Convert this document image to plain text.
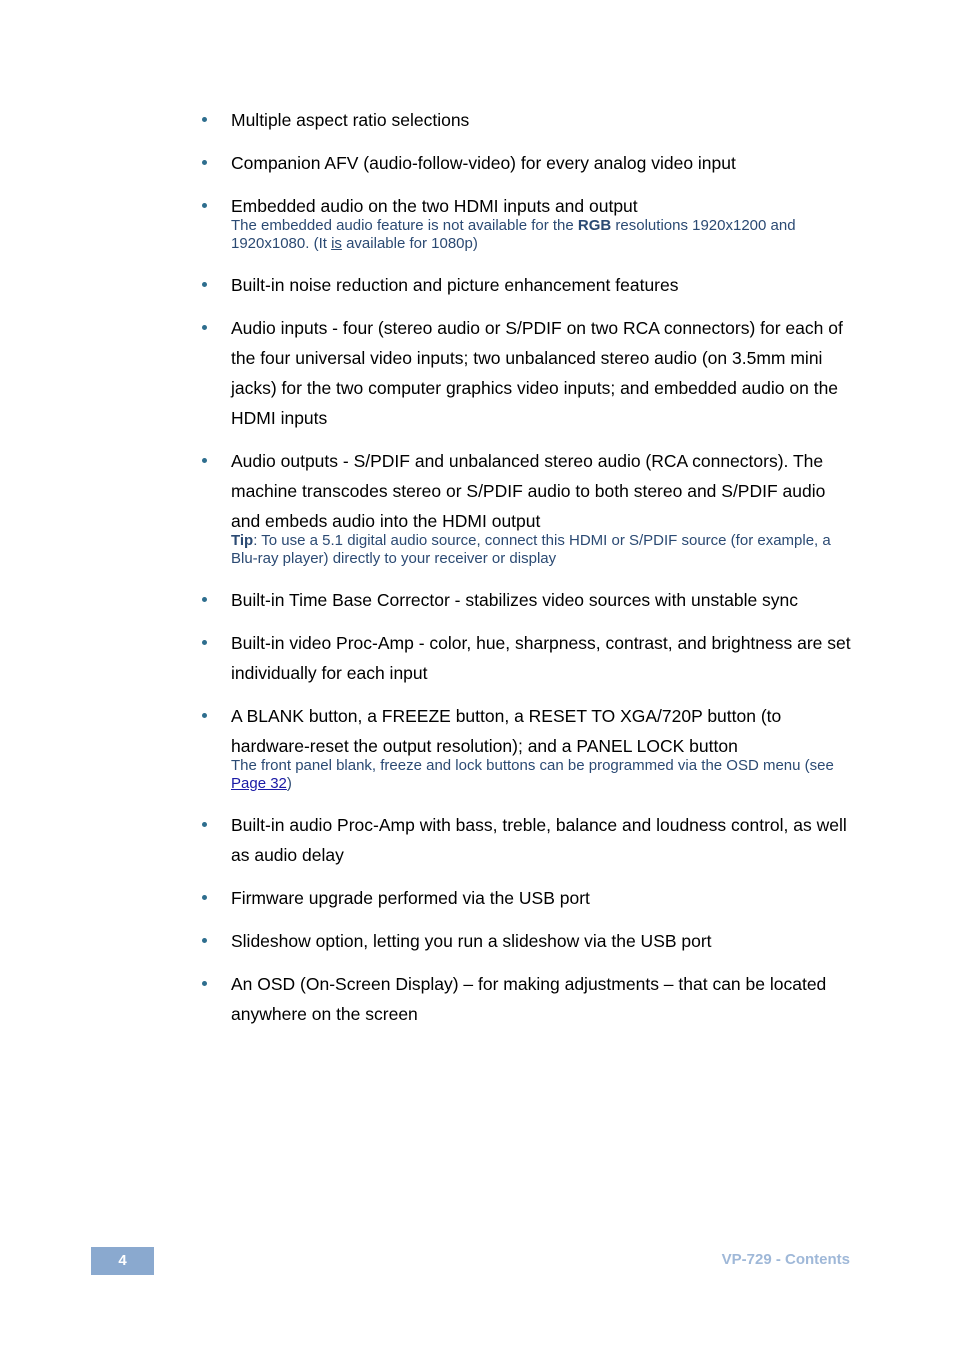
Multiple aspect ratio selections

Companion AFV (audio-follow-video) for every analog video input

Embedded audio on the two HDMI inputs and output

The embedded audio feature is not available for the RGB resolutions 1920x1200 and 1920x1080. (It is available for 1080p)

Built-in noise reduction and picture enhancement features

Audio inputs - four (stereo audio or S/PDIF on two RCA connectors) for each of the four universal video inputs; two unbalanced stereo audio (on 3.5mm mini jacks) for the two computer graphics video inputs; and embedded audio on the HDMI inputs

Audio outputs - S/PDIF and unbalanced stereo audio (RCA connectors). The machine transcodes stereo or S/PDIF audio to both stereo and S/PDIF audio and embeds audio into the HDMI output

Tip: To use a 5.1 digital audio source, connect this HDMI or S/PDIF source (for example, a Blu-ray player) directly to your receiver or display

Built-in Time Base Corrector - stabilizes video sources with unstable sync

Built-in video Proc-Amp - color, hue, sharpness, contrast, and brightness are set individually for each input

A BLANK button, a FREEZE button, a RESET TO XGA/720P button (to hardware-reset the output resolution); and a PANEL LOCK button

The front panel blank, freeze and lock buttons can be programmed via the OSD menu (see Page 32)

Built-in audio Proc-Amp with bass, treble, balance and loudness control, as well as audio delay

Firmware upgrade performed via the USB port

Slideshow option, letting you run a slideshow via the USB port

An OSD (On-Screen Display) – for making adjustments – that can be located anywhere on the screen

4	VP-729 - Contents
